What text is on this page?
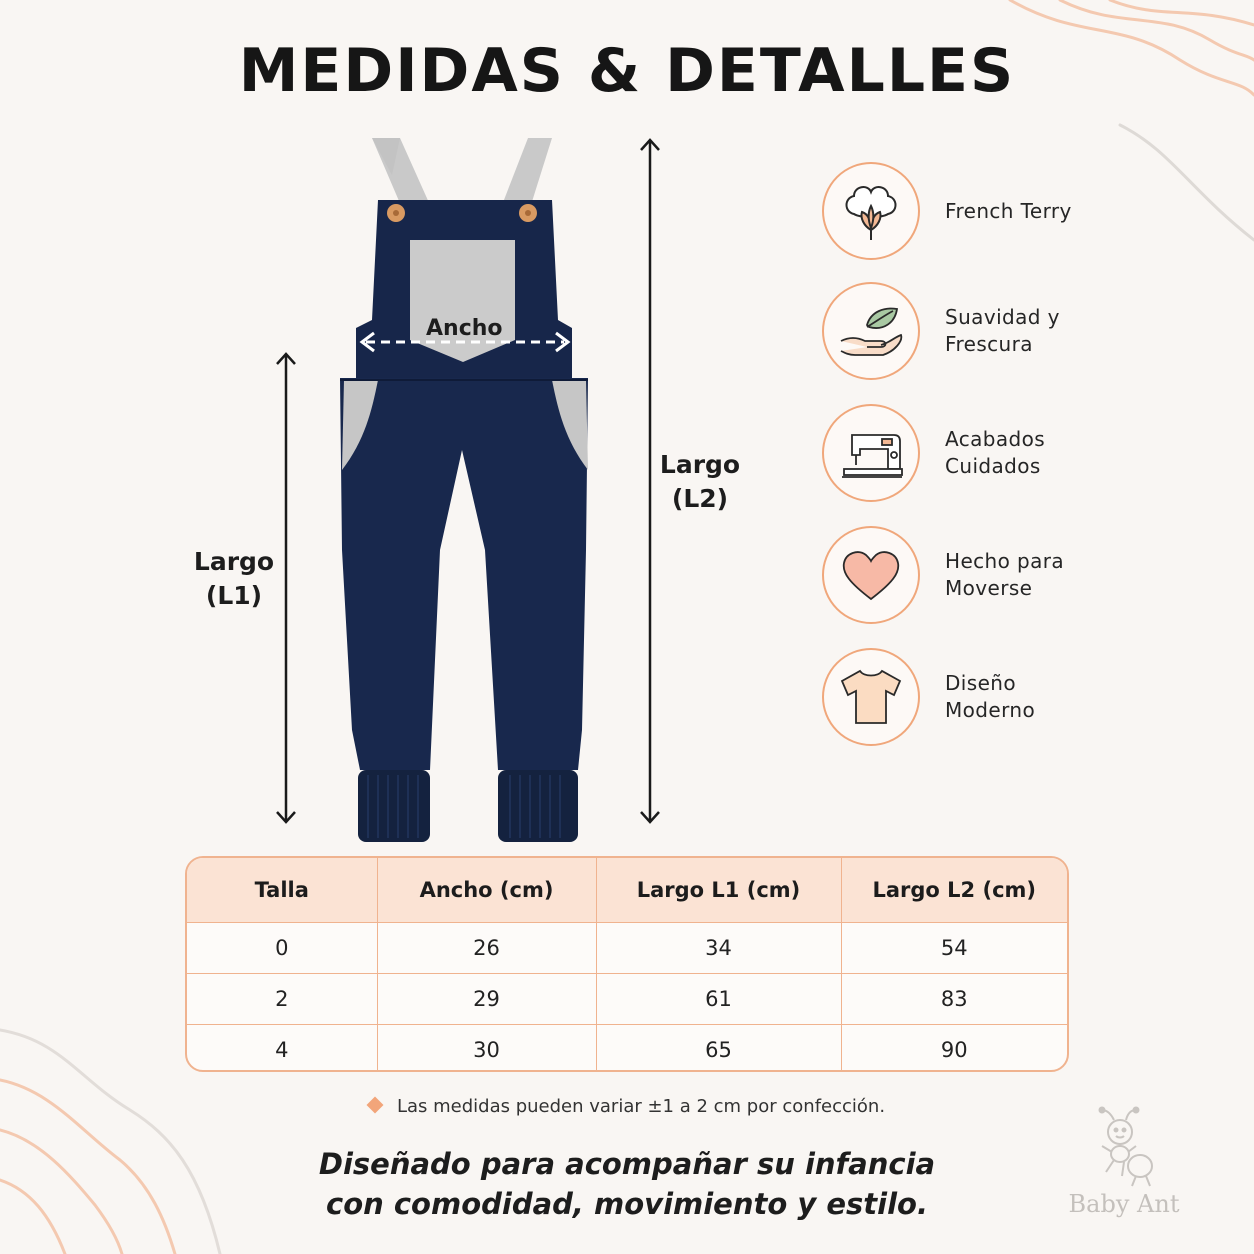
MEDIDAS & DETALLES
Ancho
Largo
(L1)
Largo
(L2)
French Terry
Suavidad y
Frescura
Acabados
Cuidados
Hecho para
Moverse
Diseño
Moderno
Talla	Ancho (cm)	Largo L1 (cm)	Largo L2 (cm)
0	26	34	54
2	29	61	83
4	30	65	90
Las medidas pueden variar ±1 a 2 cm por confección.
Diseñado para acompañar su infancia
con comodidad, movimiento y estilo.	Baby Ant
